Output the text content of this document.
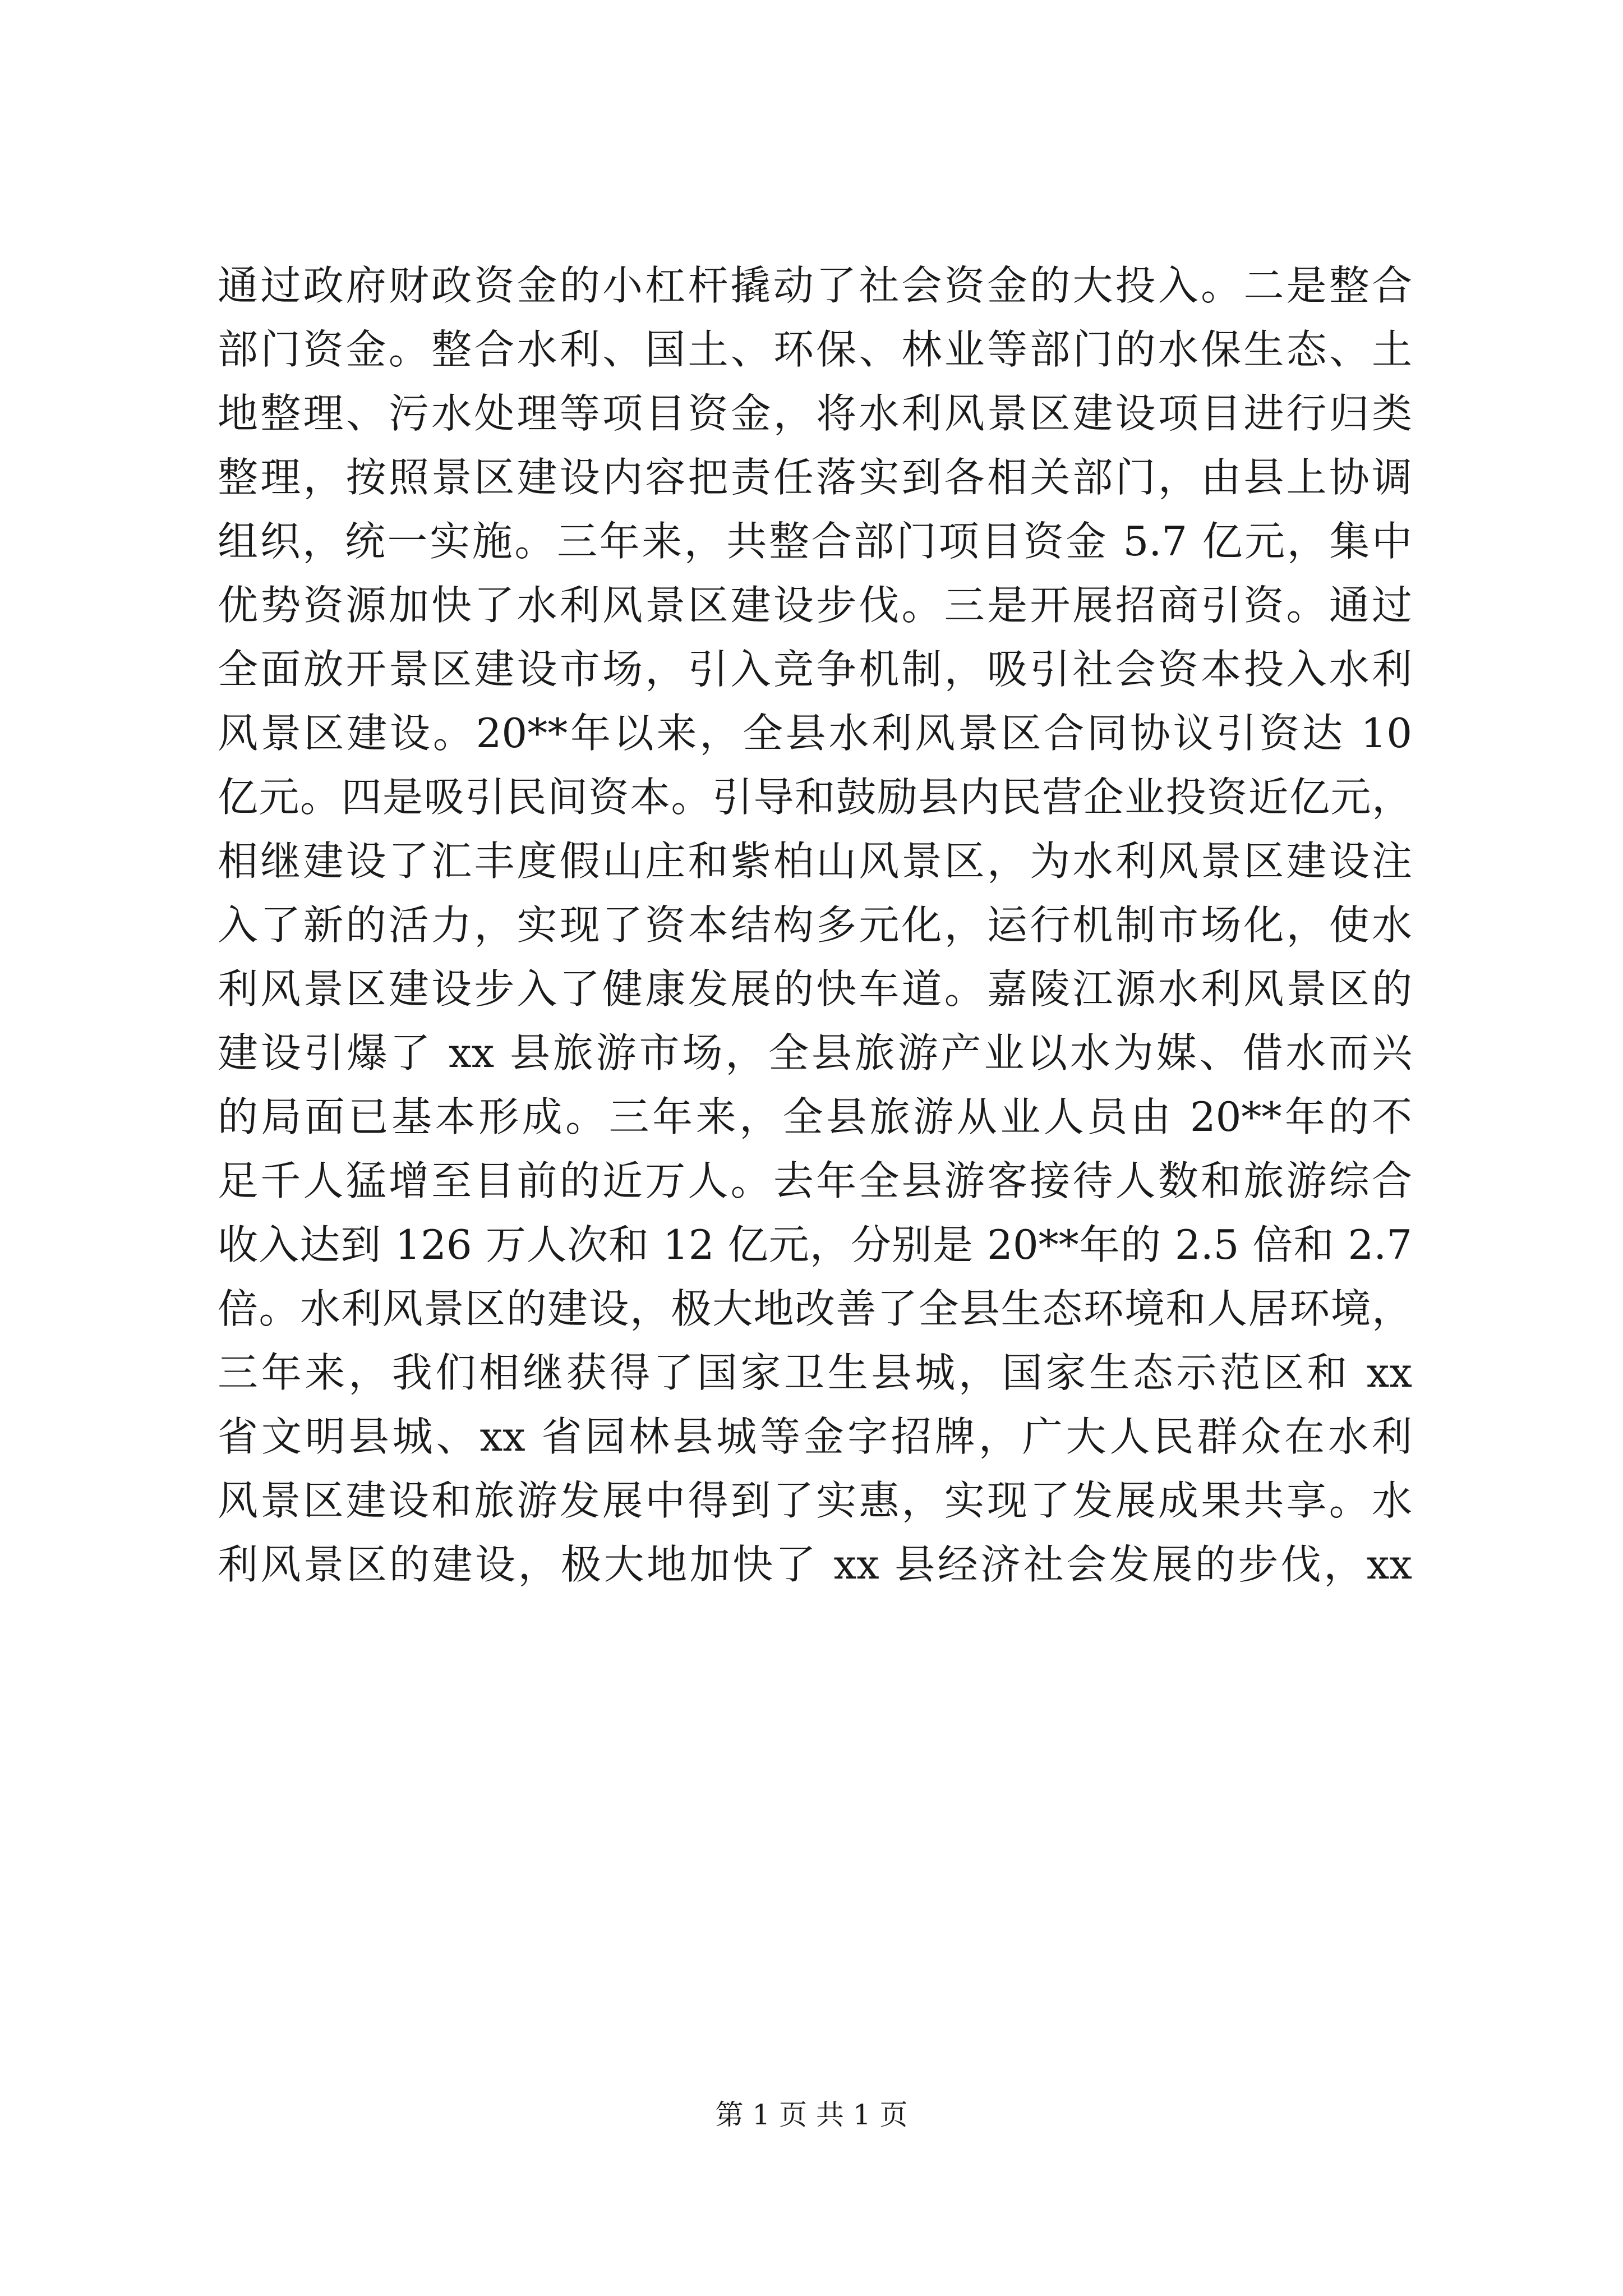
通过政府财政资金的小杠杆撬动了社会资金的大投入。二是整合
部门资金。整合水利、国土、环保、林业等部门的水保生态、土
地整理、污水处理等项目资金，将水利风景区建设项目进行归类
整理，按照景区建设内容把责任落实到各相关部门，由县上协调
组织，统一实施。三年来，共整合部门项目资金 5.7 亿元，集中
优势资源加快了水利风景区建设步伐。三是开展招商引资。通过
全面放开景区建设市场，引入竞争机制，吸引社会资本投入水利
风景区建设。20**年以来，全县水利风景区合同协议引资达 10
亿元。四是吸引民间资本。引导和鼓励县内民营企业投资近亿元，
相继建设了汇丰度假山庄和紫柏山风景区，为水利风景区建设注
入了新的活力，实现了资本结构多元化，运行机制市场化，使水
利风景区建设步入了健康发展的快车道。嘉陵江源水利风景区的
建设引爆了 xx 县旅游市场，全县旅游产业以水为媒、借水而兴
的局面已基本形成。三年来，全县旅游从业人员由 20**年的不
足千人猛增至目前的近万人。去年全县游客接待人数和旅游综合
收入达到 126 万人次和 12 亿元，分别是 20**年的 2.5 倍和 2.7
倍。水利风景区的建设，极大地改善了全县生态环境和人居环境，
三年来，我们相继获得了国家卫生县城，国家生态示范区和 xx
省文明县城、xx 省园林县城等金字招牌，广大人民群众在水利
风景区建设和旅游发展中得到了实惠，实现了发展成果共享。水
利风景区的建设，极大地加快了 xx 县经济社会发展的步伐，xx
第 1 页 共 1 页
